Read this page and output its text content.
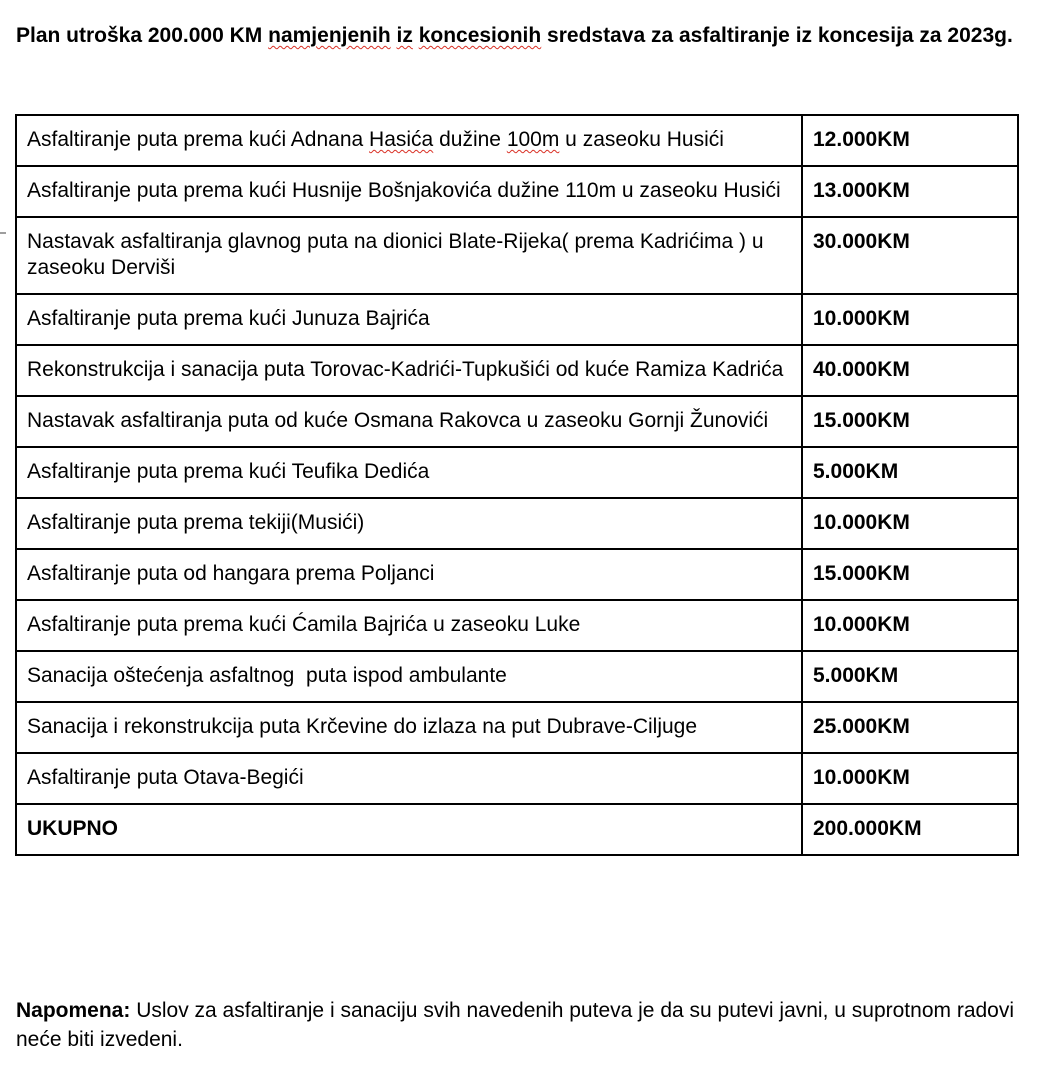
Plan utroška 200.000 KM namjenjenih iz koncesionih sredstava za asfaltiranje iz koncesija za 2023g.
Asfaltiranje puta prema kući Adnana Hasića dužine 100m u zaseoku Husići	12.000KM
Asfaltiranje puta prema kući Husnije Bošnjakovića dužine 110m u zaseoku Husići	13.000KM
Nastavak asfaltiranja glavnog puta na dionici Blate-Rijeka( prema Kadrićima ) u zaseoku Derviši	30.000KM
Asfaltiranje puta prema kući Junuza Bajrića	10.000KM
Rekonstrukcija i sanacija puta Torovac-Kadrići-Tupkušići od kuće Ramiza Kadrića	40.000KM
Nastavak asfaltiranja puta od kuće Osmana Rakovca u zaseoku Gornji Žunovići	15.000KM
Asfaltiranje puta prema kući Teufika Dedića	5.000KM
Asfaltiranje puta prema tekiji(Musići)	10.000KM
Asfaltiranje puta od hangara prema Poljanci	15.000KM
Asfaltiranje puta prema kući Ćamila Bajrića u zaseoku Luke	10.000KM
Sanacija oštećenja asfaltnog  puta ispod ambulante	5.000KM
Sanacija i rekonstrukcija puta Krčevine do izlaza na put Dubrave-Ciljuge	25.000KM
Asfaltiranje puta Otava-Begići	10.000KM
UKUPNO	200.000KM
Napomena: Uslov za asfaltiranje i sanaciju svih navedenih puteva je da su putevi javni, u suprotnom radovi neće biti izvedeni.
